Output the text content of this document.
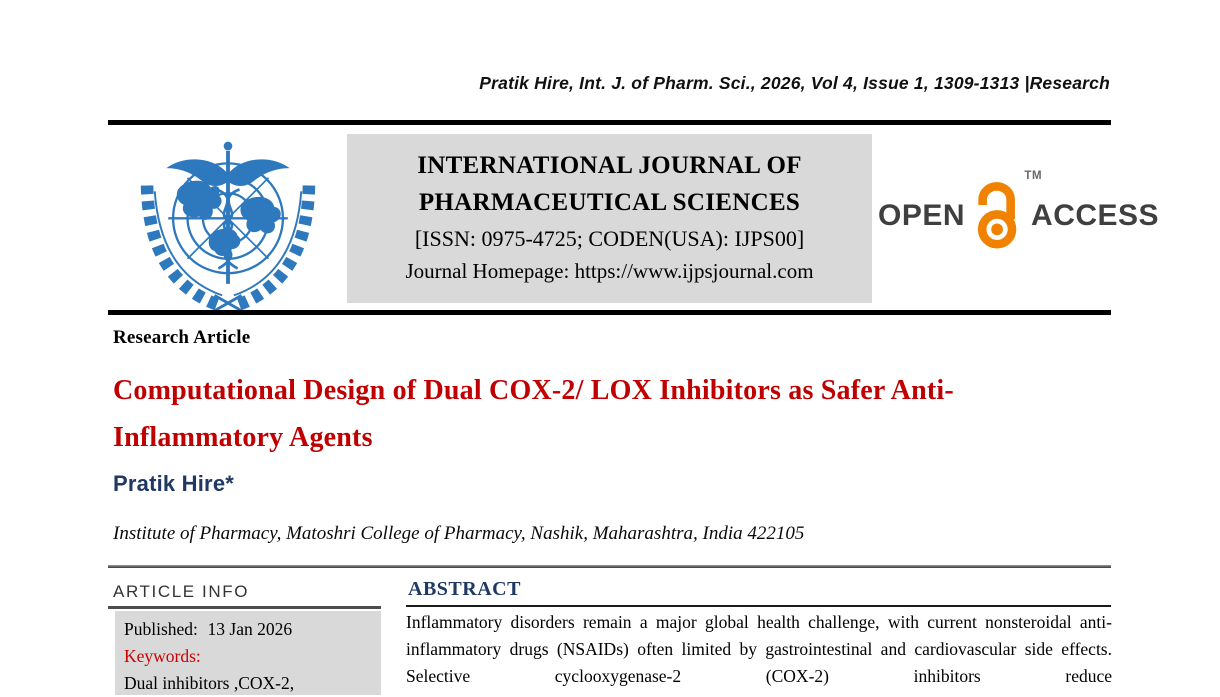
Pratik Hire, Int. J. of Pharm. Sci., 2026, Vol 4, Issue 1, 1309-1313 |Research
INTERNATIONAL JOURNAL OF
PHARMACEUTICAL SCIENCES
[ISSN: 0975-4725; CODEN(USA): IJPS00]
Journal Homepage: https://www.ijpsjournal.com
OPEN
TM
ACCESS
Research Article
Computational Design of Dual COX-2/ LOX Inhibitors as Safer Anti-Inflammatory Agents
Pratik Hire*
Institute of Pharmacy, Matoshri College of Pharmacy, Nashik, Maharashtra, India 422105
ARTICLE INFO	ABSTRACT
Published: 13 Jan 2026
Keywords:
Dual inhibitors ,COX-2,
Inflammatory disorders remain a major global health challenge, with current nonsteroidal anti-inflammatory drugs (NSAIDs) often limited by gastrointestinal and cardiovascular side effects. Selective cyclooxygenase-2 (COX-2) inhibitors reduce
